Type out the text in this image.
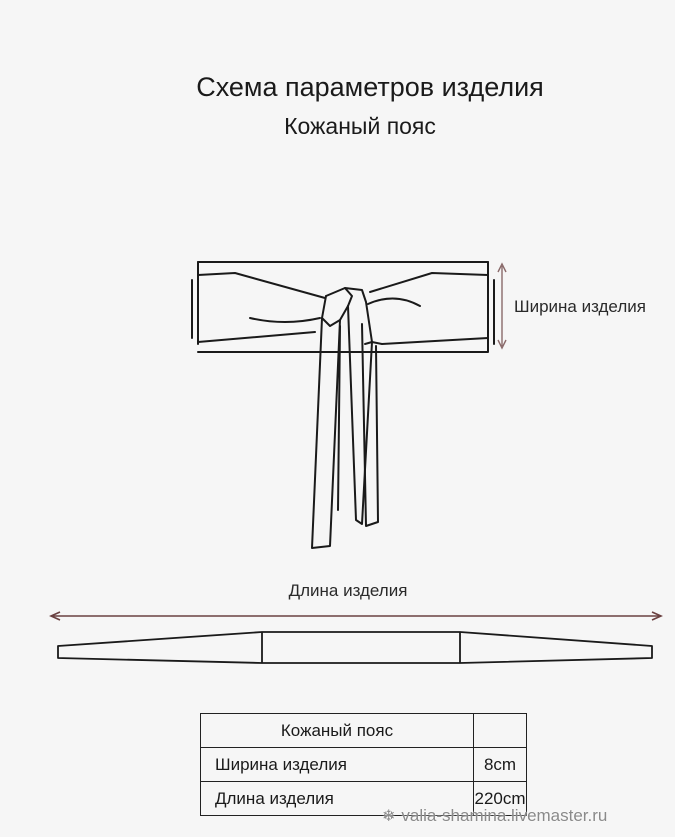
Схема параметров изделия
Кожаный пояс
Ширина изделия
Длина изделия
Кожаный пояс	
Ширина изделия	8cm
Длина изделия	220cm
❄ valia-shamina.livemaster.ru
